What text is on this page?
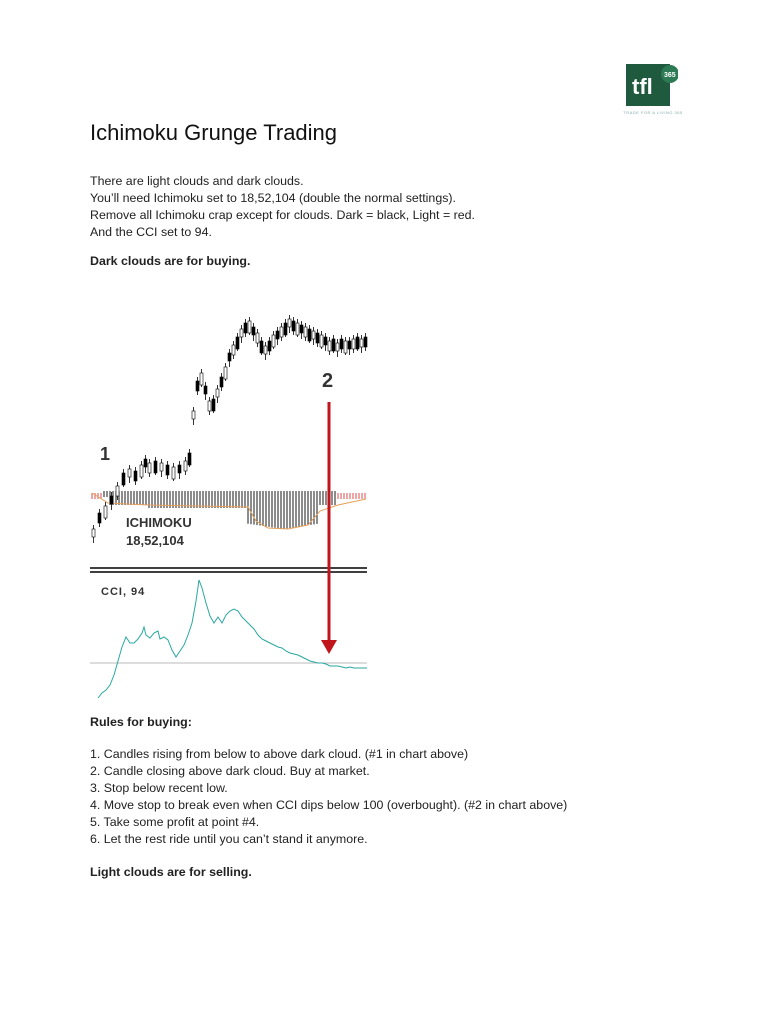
tfl 365
TRADE FOR A LIVING 365
Ichimoku Grunge Trading
There are light clouds and dark clouds.
You’ll need Ichimoku set to 18,52,104 (double the normal settings).
Remove all Ichimoku crap except for clouds. Dark = black, Light = red.
And the CCI set to 94.

Dark clouds are for buying.

1
2
ICHIMOKU
18,52,104
CCI, 94

Rules for buying:

1. Candles rising from below to above dark cloud. (#1 in chart above)
2. Candle closing above dark cloud. Buy at market.
3. Stop below recent low.
4. Move stop to break even when CCI dips below 100 (overbought). (#2 in chart above)
5. Take some profit at point #4.
6. Let the rest ride until you can’t stand it anymore.

Light clouds are for selling.
